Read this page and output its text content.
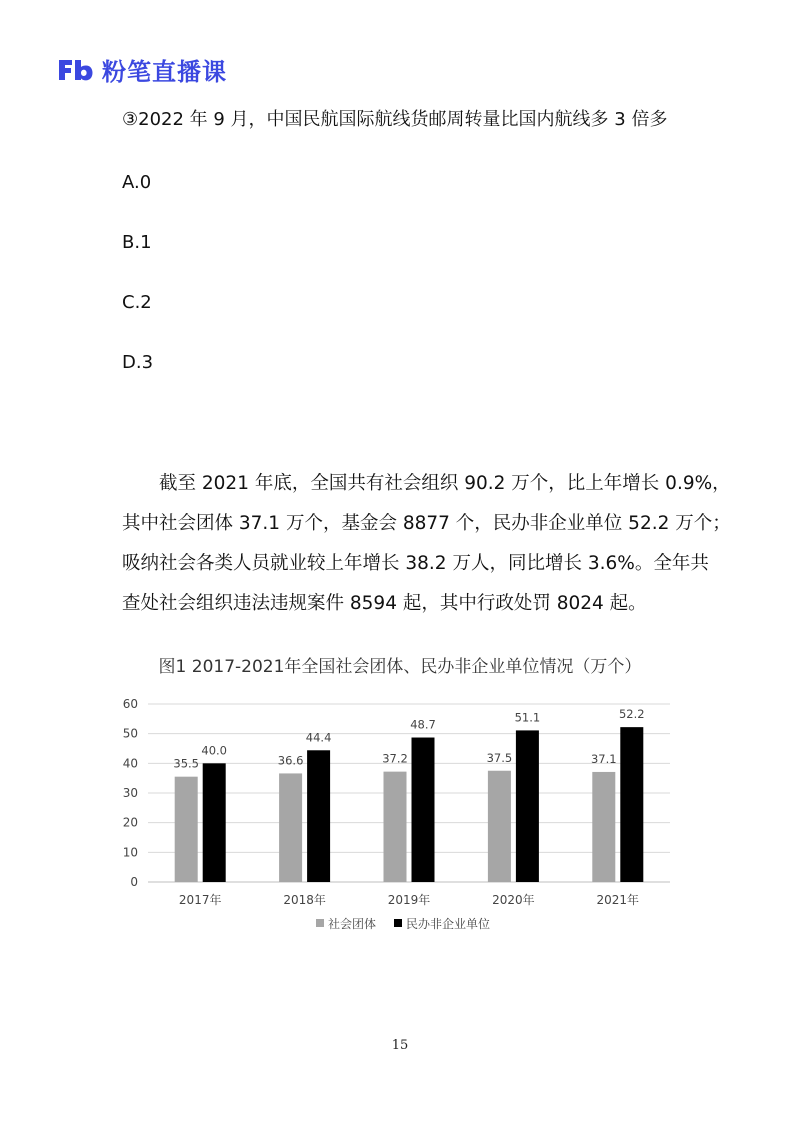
粉笔直播课
③2022 年 9 月，中国民航国际航线货邮周转量比国内航线多 3 倍多
A.0
B.1
C.2
D.3

截至 2021 年底，全国共有社会组织 90.2 万个，比上年增长 0.9%，

其中社会团体 37.1 万个，基金会 8877 个，民办非企业单位 52.2 万个；

吸纳社会各类人员就业较上年增长 38.2 万人，同比增长 3.6%。全年共

查处社会组织违法违规案件 8594 起，其中行政处罚 8024 起。

图1 2017-2021年全国社会团体、民办非企业单位情况（万个）
0
10
20
30
40
50
60
35.5
40.0
2017年
36.6
44.4
2018年
37.2
48.7
2019年
37.5
51.1
2020年
37.1
52.2
2021年
社会团体 民办非企业单位
15
